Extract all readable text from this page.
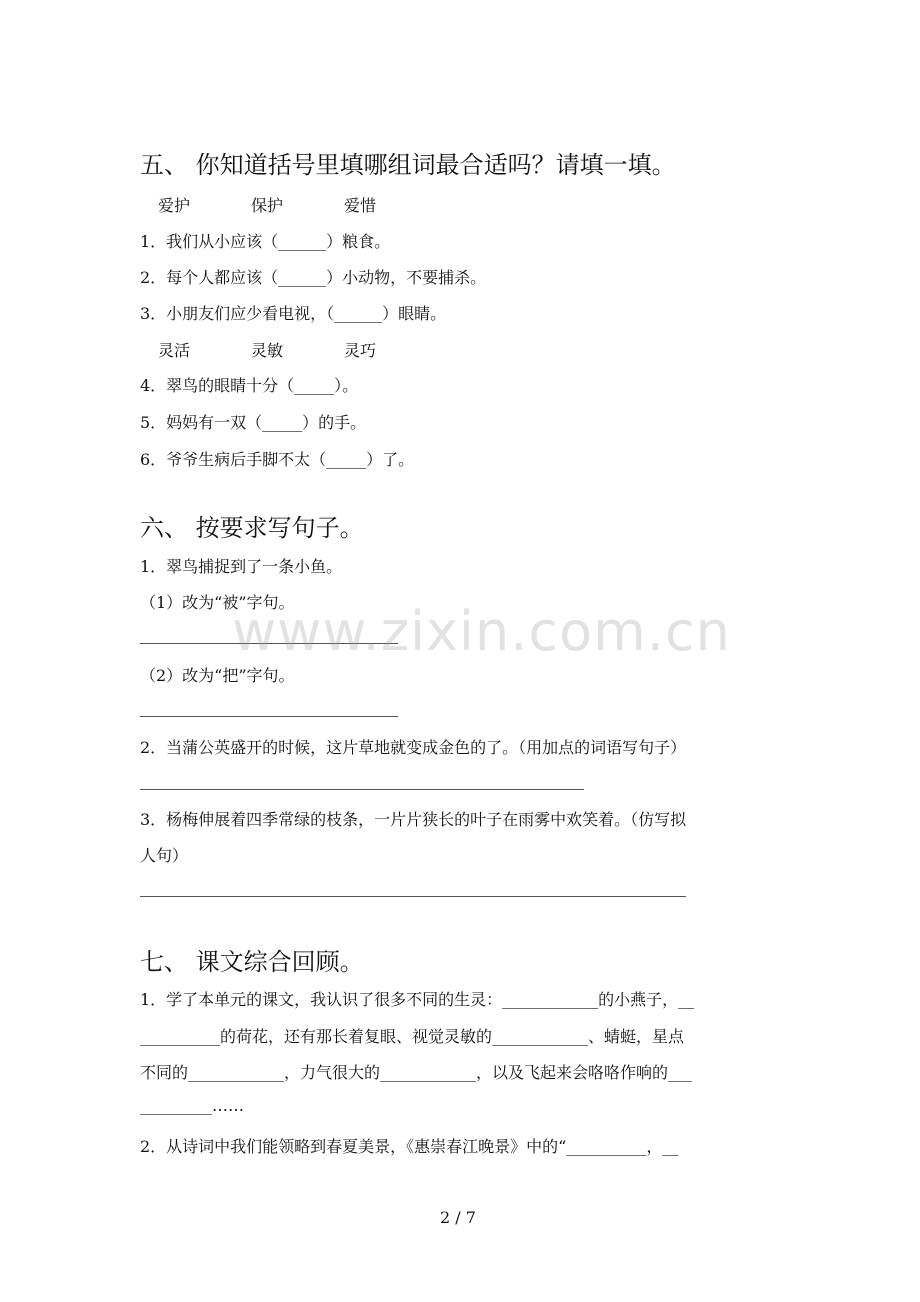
五、 你知道括号里填哪组词最合适吗？请填一填。
爱护	保护	爱惜
1．我们从小应该（______）粮食。
2．每个人都应该（______）小动物，不要捕杀。
3．小朋友们应少看电视，（______）眼睛。
灵活	灵敏	灵巧
4．翠鸟的眼睛十分（_____）。
5．妈妈有一双（_____）的手。
6．爷爷生病后手脚不太（_____）了。
六、 按要求写句子。
1．翠鸟捕捉到了一条小鱼。
（1）改为“被”字句。
（2）改为“把”字句。
2．当蒲公英盛开的时候，这片草地就变成金色的了。（用加点的词语写句子）
3．杨梅伸展着四季常绿的枝条，一片片狭长的叶子在雨雾中欢笑着。（仿写拟
人句）
七、 课文综合回顾。
1．学了本单元的课文，我认识了很多不同的生灵：____________的小燕子，__
__________的荷花，还有那长着复眼、视觉灵敏的____________、蜻蜓，星点
不同的____________，力气很大的____________，以及飞起来会咯咯作响的___
_________……
2．从诗词中我们能领略到春夏美景，《惠崇春江晚景》中的“__________，__
www.zixin.com.cn
2 / 7
